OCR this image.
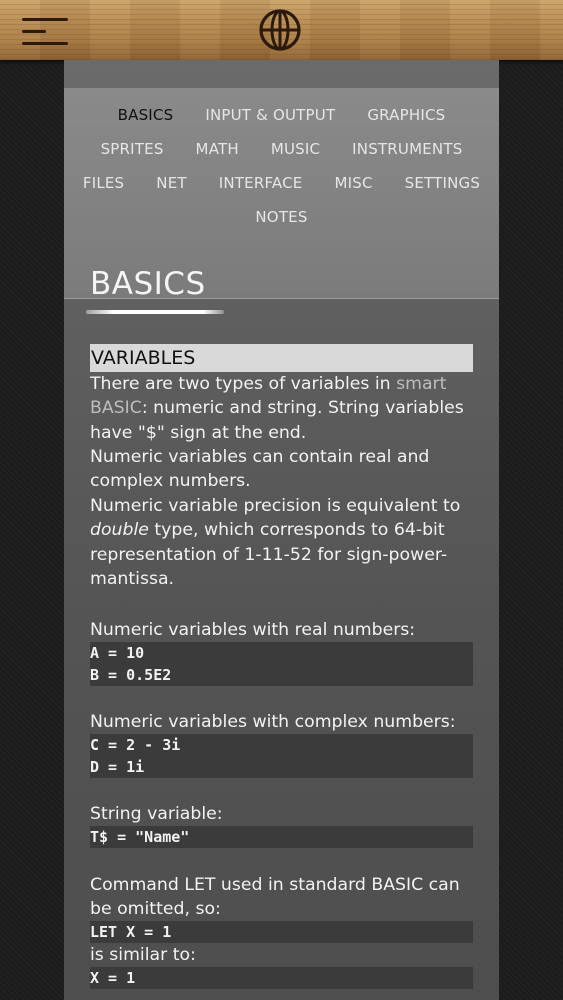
BASICS INPUT & OUTPUT GRAPHICS
SPRITES MATH MUSIC INSTRUMENTS
FILES NET INTERFACE MISC SETTINGS
NOTES
BASICS
VARIABLES
There are two types of variables in smart BASIC: numeric and string. String variables have "$" sign at the end.
Numeric variables can contain real and complex numbers.
Numeric variable precision is equivalent to double type, which corresponds to 64-bit representation of 1-11-52 for sign-power-mantissa.
Numeric variables with real numbers:
A = 10
B = 0.5E2
Numeric variables with complex numbers:
C = 2 - 3i
D = 1i
String variable:
T$ = "Name"
Command LET used in standard BASIC can be omitted, so:
LET X = 1
is similar to:
X = 1
